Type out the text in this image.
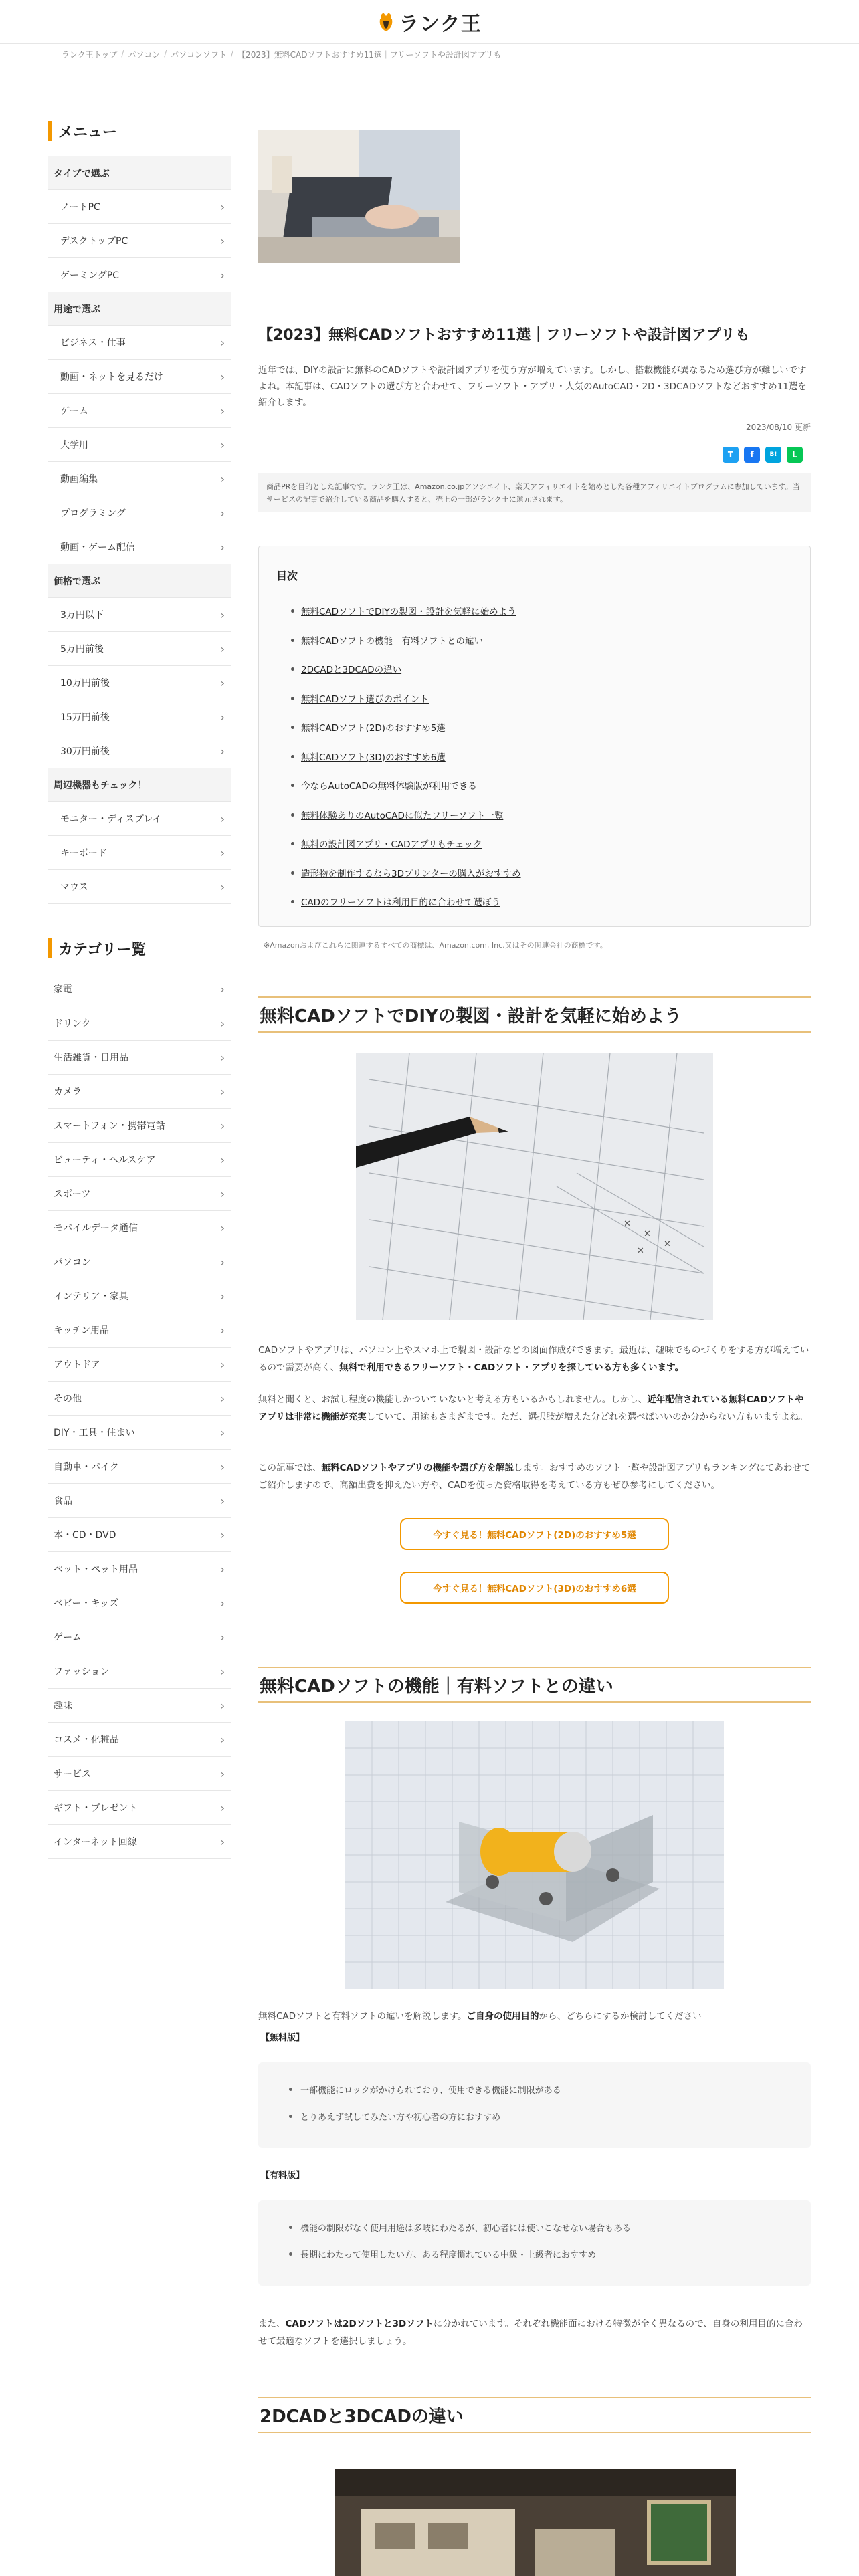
ランク王
ランク王トップ / パソコン / パソコンソフト / 【2023】無料CADソフトおすすめ11選｜フリーソフトや設計図アプリも
メニュー
タイプで選ぶ
ノートPC	›
デスクトップPC	›
ゲーミングPC	›
用途で選ぶ
ビジネス・仕事	›
動画・ネットを見るだけ	›
ゲーム	›
大学用	›
動画編集	›
プログラミング	›
動画・ゲーム配信	›
価格で選ぶ
3万円以下	›
5万円前後	›
10万円前後	›
15万円前後	›
30万円前後	›
周辺機器もチェック！
モニター・ディスプレイ	›
キーボード	›
マウス	›
カテゴリー覧
家電	›
ドリンク	›
生活雑貨・日用品	›
カメラ	›
スマートフォン・携帯電話	›
ビューティ・ヘルスケア	›
スポーツ	›
モバイルデータ通信	›
パソコン	›
インテリア・家具	›
キッチン用品	›
アウトドア	›
その他	›
DIY・工具・住まい	›
自動車・バイク	›
食品	›
本・CD・DVD	›
ペット・ペット用品	›
ベビー・キッズ	›
ゲーム	›
ファッション	›
趣味	›
コスメ・化粧品	›
サービス	›
ギフト・プレゼント	›
インターネット回線	›
【2023】無料CADソフトおすすめ11選｜フリーソフトや設計図アプリも

近年では、DIYの設計に無料のCADソフトや設計図アプリを使う方が増えています。しかし、搭載機能が異なるため選び方が難しいですよね。本記事は、CADソフトの選び方と合わせて、フリーソフト・アプリ・人気のAutoCAD・2D・3DCADソフトなどおすすめ11選を紹介します。

2023/08/10 更新
T	f	B!	L
商品PRを目的とした記事です。ランク王は、Amazon.co.jpアソシエイト、楽天アフィリエイトを始めとした各種アフィリエイトプログラムに参加しています。当サービスの記事で紹介している商品を購入すると、売上の一部がランク王に還元されます。
目次
無料CADソフトでDIYの製図・設計を気軽に始めよう
無料CADソフトの機能｜有料ソフトとの違い
2DCADと3DCADの違い
無料CADソフト選びのポイント
無料CADソフト(2D)のおすすめ5選
無料CADソフト(3D)のおすすめ6選
今ならAutoCADの無料体験版が利用できる
無料体験ありのAutoCADに似たフリーソフト一覧
無料の設計図アプリ・CADアプリもチェック
造形物を制作するなら3Dプリンターの購入がおすすめ
CADのフリーソフトは利用目的に合わせて選ぼう
※Amazonおよびこれらに関連するすべての商標は、Amazon.com, Inc.又はその関連会社の商標です。
無料CADソフトでDIYの製図・設計を気軽に始めよう
✕
✕
✕
✕

CADソフトやアプリは、パソコン上やスマホ上で製図・設計などの図面作成ができます。最近は、趣味でものづくりをする方が増えているので需要が高く、無料で利用できるフリーソフト・CADソフト・アプリを探している方も多くいます。

無料と聞くと、お試し程度の機能しかついていないと考える方もいるかもしれません。しかし、近年配信されている無料CADソフトやアプリは非常に機能が充実していて、用途もさまざまです。ただ、選択肢が増えた分どれを選べばいいのか分からない方もいますよね。

この記事では、無料CADソフトやアプリの機能や選び方を解説します。おすすめのソフト一覧や設計図アプリもランキングにてあわせてご紹介しますので、高額出費を抑えたい方や、CADを使った資格取得を考えている方もぜひ参考にしてください。

今すぐ見る！無料CADソフト(2D)のおすすめ5選
今すぐ見る！無料CADソフト(3D)のおすすめ6選
無料CADソフトの機能｜有料ソフトとの違い

無料CADソフトと有料ソフトの違いを解説します。ご自身の使用目的から、どちらにするか検討してください

【無料版】
一部機能にロックがかけられており、使用できる機能に制限がある
とりあえず試してみたい方や初心者の方におすすめ
【有料版】
機能の制限がなく使用用途は多岐にわたるが、初心者には使いこなせない場合もある
長期にわたって使用したい方、ある程度慣れている中級・上級者におすすめ

また、CADソフトは2Dソフトと3Dソフトに分かれています。それぞれ機能面における特徴が全く異なるので、自身の利用目的に合わせて最適なソフトを選択しましょう。

2DCADと3DCADの違い
